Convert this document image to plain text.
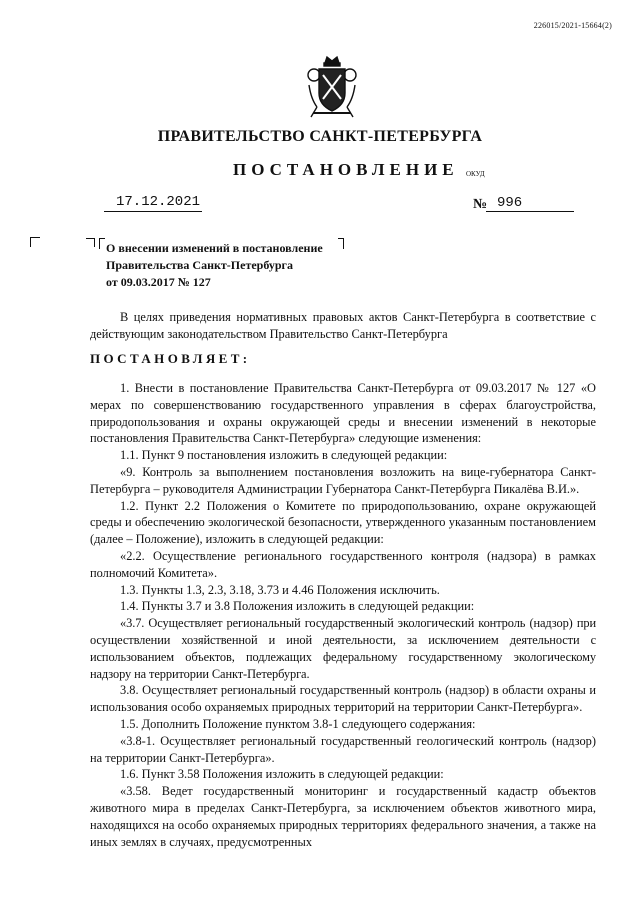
226015/2021-15664(2)
ПРАВИТЕЛЬСТВО САНКТ-ПЕТЕРБУРГА
ПОСТАНОВЛЕНИЕ ОКУД
17.12.2021	№ 996
О внесении изменений в постановление
Правительства Санкт-Петербурга
от 09.03.2017 № 127

В целях приведения нормативных правовых актов Санкт-Петербурга в соответствие с действующим законодательством Правительство Санкт-Петербурга

ПОСТАНОВЛЯЕТ:

1. Внести в постановление Правительства Санкт-Петербурга от 09.03.2017 № 127 «О мерах по совершенствованию государственного управления в сферах благоустройства, природопользования и охраны окружающей среды и внесении изменений в некоторые постановления Правительства Санкт-Петербурга» следующие изменения:

1.1. Пункт 9 постановления изложить в следующей редакции:

«9. Контроль за выполнением постановления возложить на вице-губернатора Санкт-Петербурга – руководителя Администрации Губернатора Санкт-Петербурга Пикалёва В.И.».

1.2. Пункт 2.2 Положения о Комитете по природопользованию, охране окружающей среды и обеспечению экологической безопасности, утвержденного указанным постановлением (далее – Положение), изложить в следующей редакции:

«2.2. Осуществление регионального государственного контроля (надзора) в рамках полномочий Комитета».

1.3. Пункты 1.3, 2.3, 3.18, 3.73 и 4.46 Положения исключить.

1.4. Пункты 3.7 и 3.8 Положения изложить в следующей редакции:

«3.7. Осуществляет региональный государственный экологический контроль (надзор) при осуществлении хозяйственной и иной деятельности, за исключением деятельности с использованием объектов, подлежащих федеральному государственному экологическому надзору на территории Санкт-Петербурга.

3.8. Осуществляет региональный государственный контроль (надзор) в области охраны и использования особо охраняемых природных территорий на территории Санкт-Петербурга».

1.5. Дополнить Положение пунктом 3.8-1 следующего содержания:

«3.8-1. Осуществляет региональный государственный геологический контроль (надзор) на территории Санкт-Петербурга».

1.6. Пункт 3.58 Положения изложить в следующей редакции:

«3.58. Ведет государственный мониторинг и государственный кадастр объектов животного мира в пределах Санкт-Петербурга, за исключением объектов животного мира, находящихся на особо охраняемых природных территориях федерального значения, а также на иных землях в случаях, предусмотренных
